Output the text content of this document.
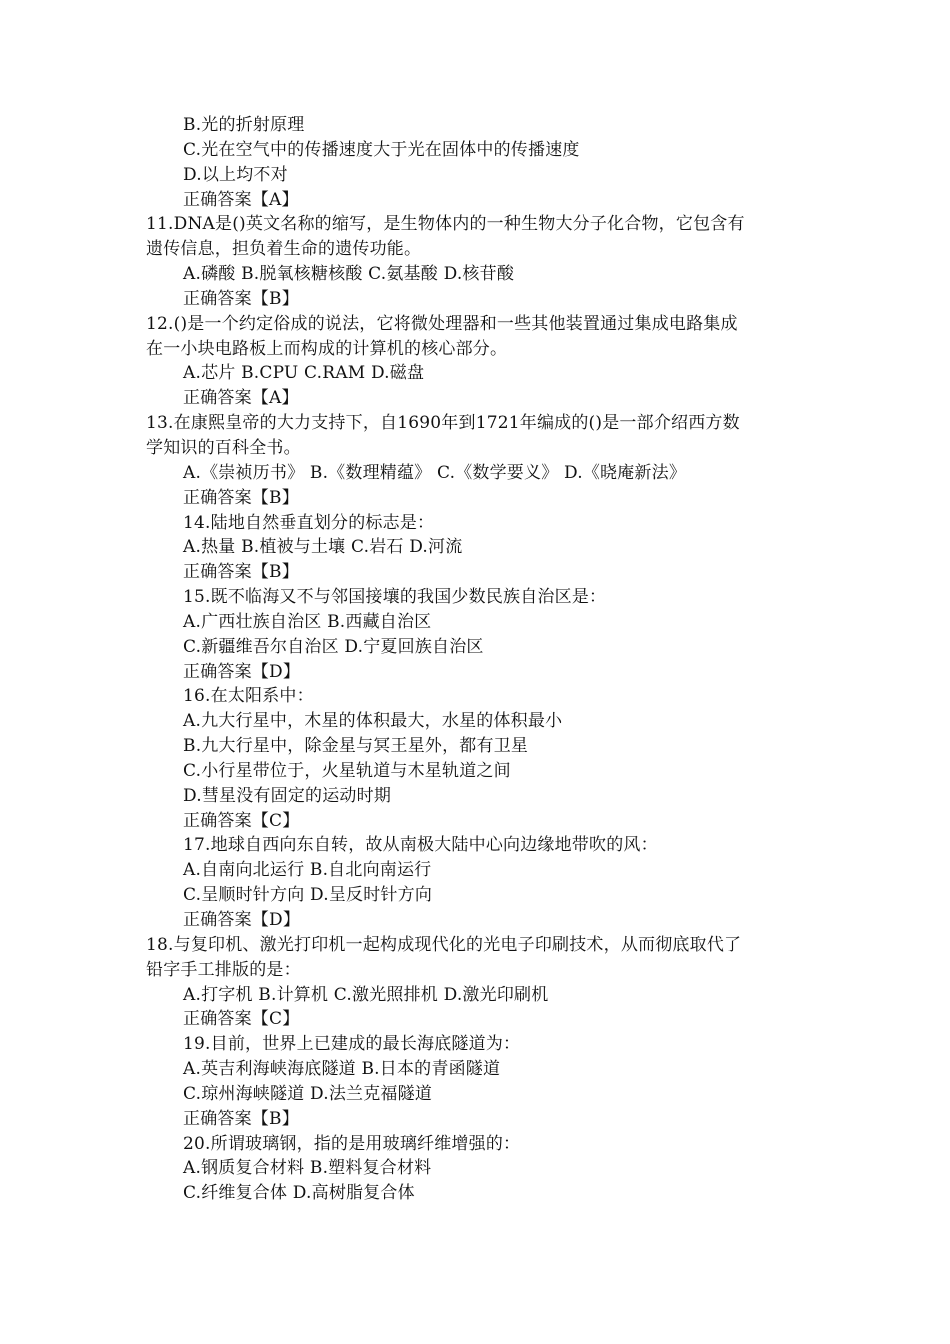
B.光的折射原理
C.光在空气中的传播速度大于光在固体中的传播速度
D.以上均不对
正确答案【A】
11.DNA是()英文名称的缩写，是生物体内的一种生物大分子化合物，它包含有
遗传信息，担负着生命的遗传功能。
A.磷酸 B.脱氧核糖核酸 C.氨基酸 D.核苷酸
正确答案【B】
12.()是一个约定俗成的说法，它将微处理器和一些其他装置通过集成电路集成
在一小块电路板上而构成的计算机的核心部分。
A.芯片 B.CPU C.RAM D.磁盘
正确答案【A】
13.在康熙皇帝的大力支持下，自1690年到1721年编成的()是一部介绍西方数
学知识的百科全书。
A.《崇祯历书》 B.《数理精蕴》 C.《数学要义》 D.《晓庵新法》
正确答案【B】
14.陆地自然垂直划分的标志是：
A.热量 B.植被与土壤 C.岩石 D.河流
正确答案【B】
15.既不临海又不与邻国接壤的我国少数民族自治区是：
A.广西壮族自治区 B.西藏自治区
C.新疆维吾尔自治区 D.宁夏回族自治区
正确答案【D】
16.在太阳系中：
A.九大行星中，木星的体积最大，水星的体积最小
B.九大行星中，除金星与冥王星外，都有卫星
C.小行星带位于，火星轨道与木星轨道之间
D.彗星没有固定的运动时期
正确答案【C】
17.地球自西向东自转，故从南极大陆中心向边缘地带吹的风：
A.自南向北运行 B.自北向南运行
C.呈顺时针方向 D.呈反时针方向
正确答案【D】
18.与复印机、激光打印机一起构成现代化的光电子印刷技术，从而彻底取代了
铅字手工排版的是：
A.打字机 B.计算机 C.激光照排机 D.激光印刷机
正确答案【C】
19.目前，世界上已建成的最长海底隧道为：
A.英吉利海峡海底隧道 B.日本的青函隧道
C.琼州海峡隧道 D.法兰克福隧道
正确答案【B】
20.所谓玻璃钢，指的是用玻璃纤维增强的：
A.钢质复合材料 B.塑料复合材料
C.纤维复合体 D.高树脂复合体
